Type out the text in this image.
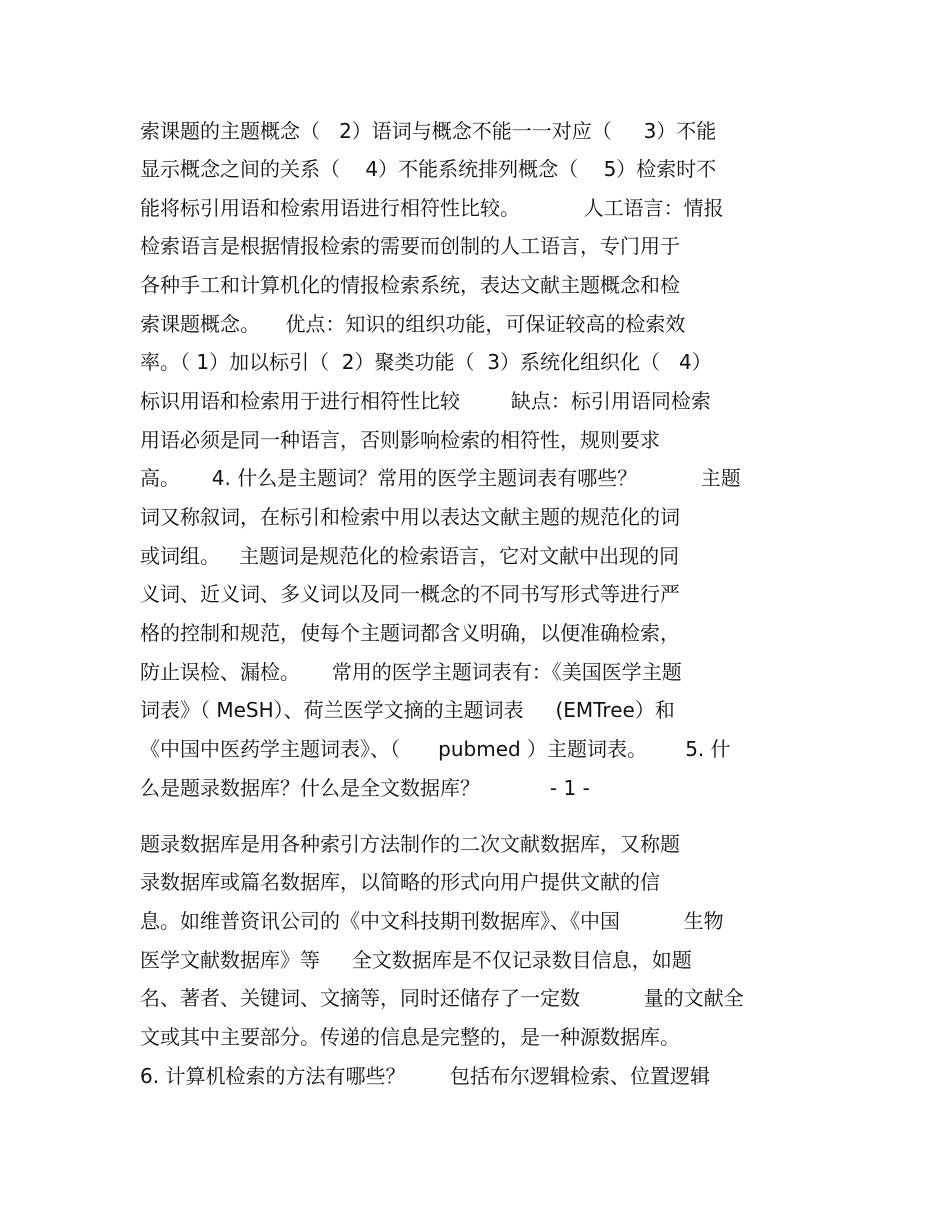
索课题的主题概念（   2）语词与概念不能一一对应（     3）不能
显示概念之间的关系（    4）不能系统排列概念（    5）检索时不
能将标引用语和检索用语进行相符性比较。          人工语言：情报
检索语言是根据情报检索的需要而创制的人工语言，专门用于
各种手工和计算机化的情报检索系统，表达文献主题概念和检
索课题概念。    优点：知识的组织功能，可保证较高的检索效
率。（ 1）加以标引（  2）聚类功能（  3）系统化组织化（   4）
标识用语和检索用于进行相符性比较        缺点：标引用语同检索
用语必须是同一种语言，否则影响检索的相符性，规则要求
高。     4. 什么是主题词？常用的医学主题词表有哪些？          主题
词又称叙词，在标引和检索中用以表达文献主题的规范化的词
或词组。   主题词是规范化的检索语言，它对文献中出现的同
义词、近义词、多义词以及同一概念的不同书写形式等进行严
格的控制和规范，使每个主题词都含义明确，以便准确检索，
防止误检、漏检。     常用的医学主题词表有：《美国医学主题
词表》（ MeSH）、荷兰医学文摘的主题词表     (EMTree）和
《中国中医药学主题词表》、（      pubmed ）主题词表。      5. 什
么是题录数据库？什么是全文数据库？           - 1 -
题录数据库是用各种索引方法制作的二次文献数据库，又称题
录数据库或篇名数据库，以简略的形式向用户提供文献的信
息。如维普资讯公司的《中文科技期刊数据库》、《中国          生物
医学文献数据库》等     全文数据库是不仅记录数目信息，如题
名、著者、关键词、文摘等，同时还储存了一定数          量的文献全
文或其中主要部分。传递的信息是完整的，是一种源数据库。
6. 计算机检索的方法有哪些？       包括布尔逻辑检索、位置逻辑
